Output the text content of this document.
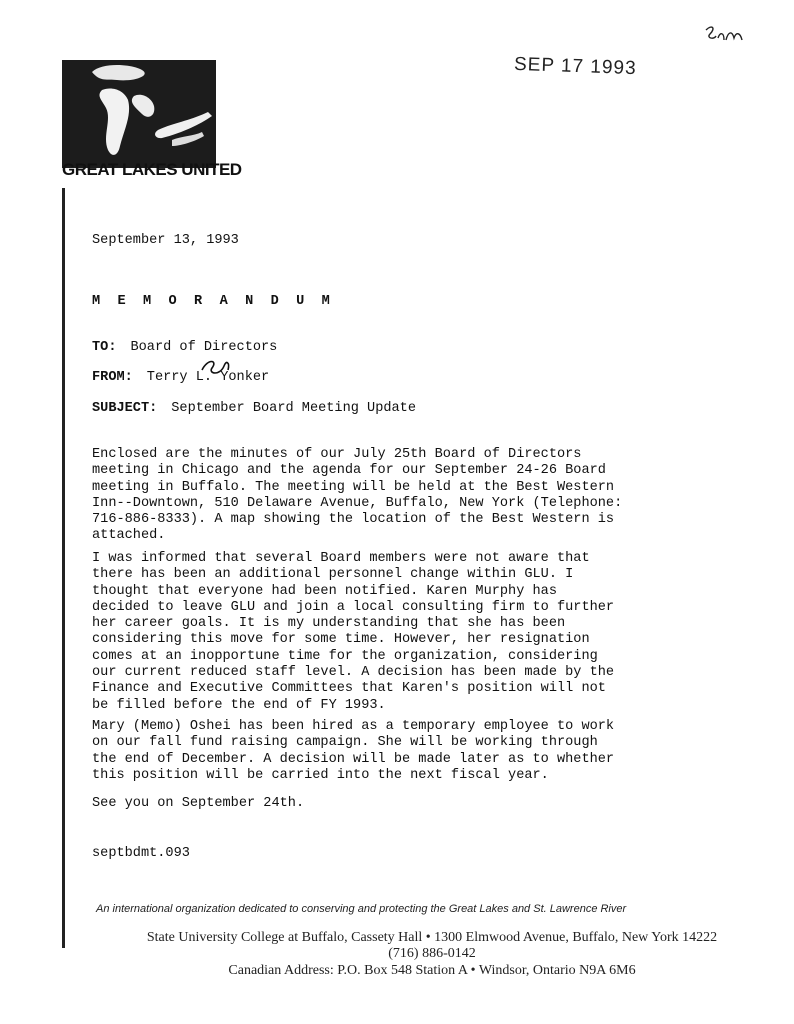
GREAT LAKES UNITED
SEP 17 1993
September 13, 1993
M E M O R A N D U M
TO: Board of Directors
FROM: Terry L. Yonker
SUBJECT: September Board Meeting Update

Enclosed are the minutes of our July 25th Board of Directors
meeting in Chicago and the agenda for our September 24-26 Board
meeting in Buffalo. The meeting will be held at the Best Western
Inn--Downtown, 510 Delaware Avenue, Buffalo, New York (Telephone:
716-886-8333). A map showing the location of the Best Western is
attached.

I was informed that several Board members were not aware that
there has been an additional personnel change within GLU. I
thought that everyone had been notified. Karen Murphy has
decided to leave GLU and join a local consulting firm to further
her career goals. It is my understanding that she has been
considering this move for some time. However, her resignation
comes at an inopportune time for the organization, considering
our current reduced staff level. A decision has been made by the
Finance and Executive Committees that Karen's position will not
be filled before the end of FY 1993.

Mary (Memo) Oshei has been hired as a temporary employee to work
on our fall fund raising campaign. She will be working through
the end of December. A decision will be made later as to whether
this position will be carried into the next fiscal year.

See you on September 24th.

septbdmt.093
An international organization dedicated to conserving and protecting the Great Lakes and St. Lawrence River
State University College at Buffalo, Cassety Hall • 1300 Elmwood Avenue, Buffalo, New York 14222
(716) 886-0142
Canadian Address: P.O. Box 548 Station A • Windsor, Ontario N9A 6M6
